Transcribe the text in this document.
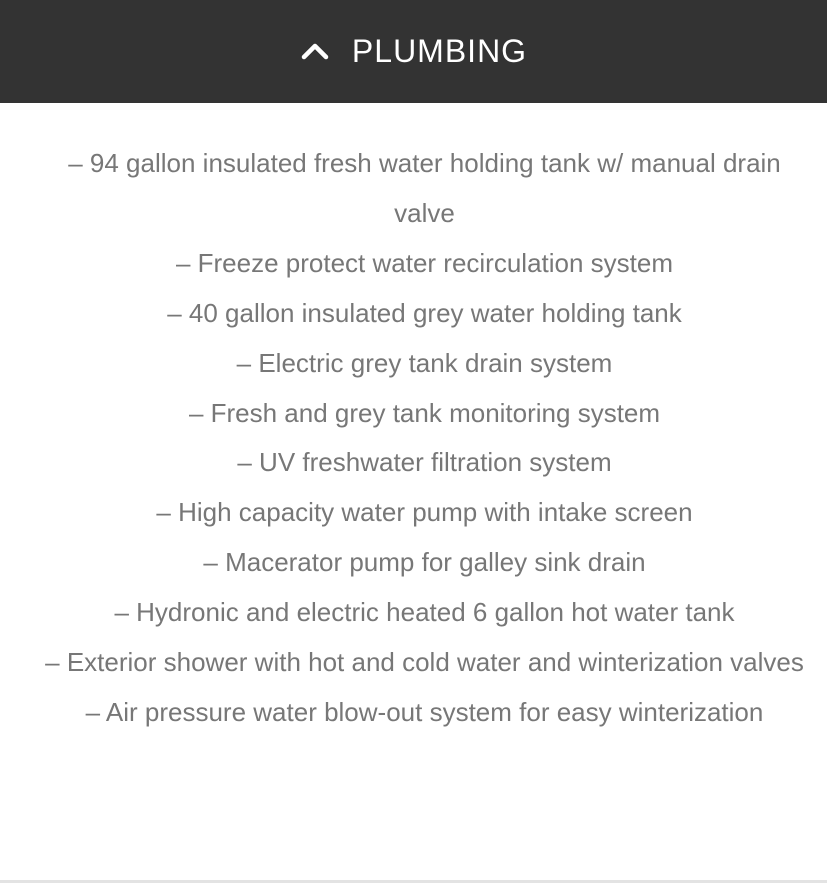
PLUMBING
– 94 gallon insulated fresh water holding tank w/ manual drain valve
– Freeze protect water recirculation system
– 40 gallon insulated grey water holding tank
– Electric grey tank drain system
– Fresh and grey tank monitoring system
– UV freshwater filtration system
– High capacity water pump with intake screen
– Macerator pump for galley sink drain
– Hydronic and electric heated 6 gallon hot water tank
– Exterior shower with hot and cold water and winterization valves
– Air pressure water blow-out system for easy winterization
